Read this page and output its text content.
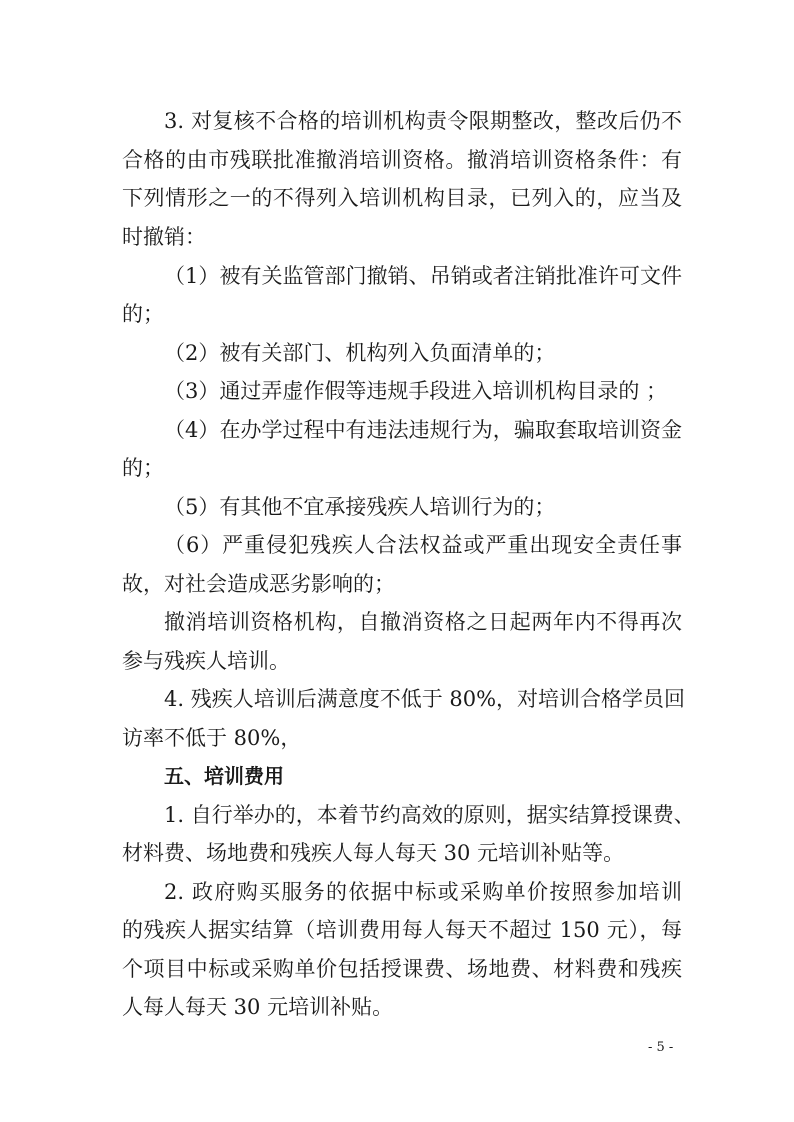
3. 对复核不合格的培训机构责令限期整改，整改后仍不

合格的由市残联批准撤消培训资格。撤消培训资格条件：有

下列情形之一的不得列入培训机构目录，已列入的，应当及

时撤销：

（1）被有关监管部门撤销、吊销或者注销批准许可文件

的；

（2）被有关部门、机构列入负面清单的；

（3）通过弄虚作假等违规手段进入培训机构目录的 ；

（4）在办学过程中有违法违规行为，骗取套取培训资金

的；

（5）有其他不宜承接残疾人培训行为的；

（6）严重侵犯残疾人合法权益或严重出现安全责任事

故，对社会造成恶劣影响的；

撤消培训资格机构，自撤消资格之日起两年内不得再次

参与残疾人培训。

4. 残疾人培训后满意度不低于 80%，对培训合格学员回

访率不低于 80%，

五、培训费用

1. 自行举办的，本着节约高效的原则，据实结算授课费、

材料费、场地费和残疾人每人每天 30 元培训补贴等。

2. 政府购买服务的依据中标或采购单价按照参加培训

的残疾人据实结算（培训费用每人每天不超过 150 元），每

个项目中标或采购单价包括授课费、场地费、材料费和残疾

人每人每天 30 元培训补贴。

- 5 -
